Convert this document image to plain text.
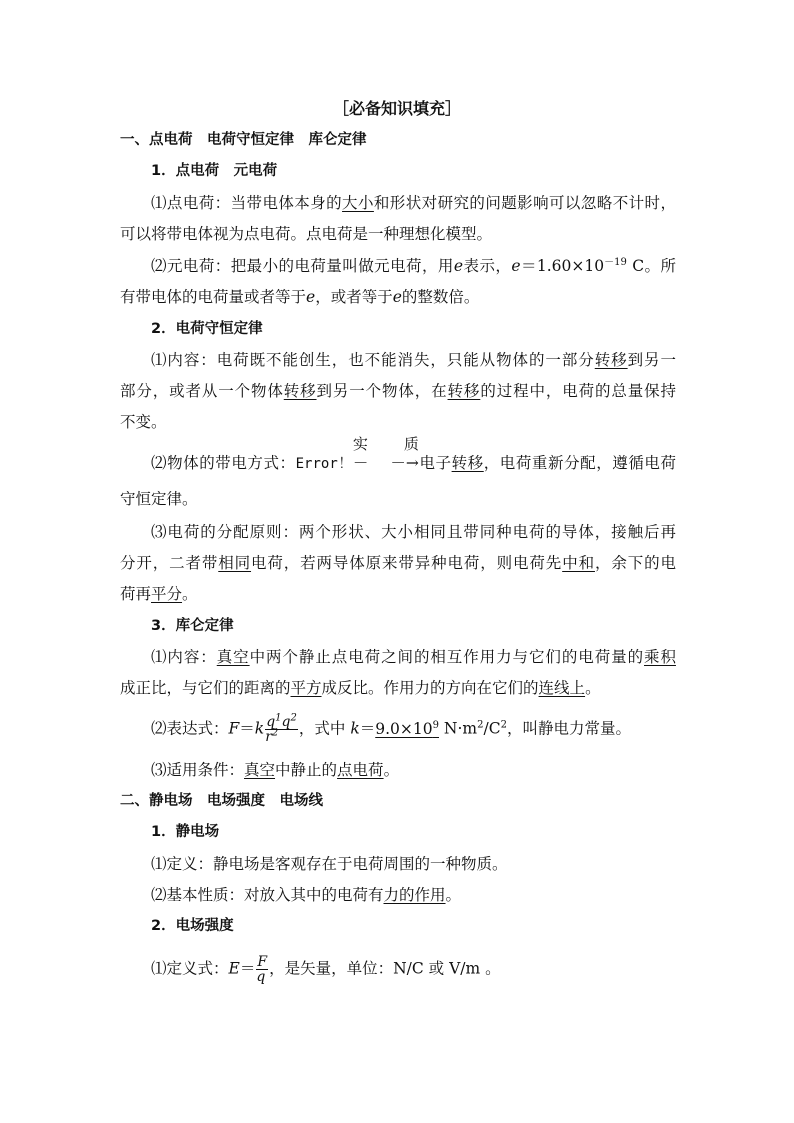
［必备知识填充］
一、点电荷　电荷守恒定律　库仑定律
1．点电荷　元电荷
⑴点电荷：当带电体本身的大小和形状对研究的问题影响可以忽略不计时，
可以将带电体视为点电荷。点电荷是一种理想化模型。
⑵元电荷：把最小的电荷量叫做元电荷，用e表示，$e=1.60\times 10^{-19}$ C。所
有带电体的电荷量或者等于e，或者等于e的整数倍。
2．电荷守恒定律
⑴内容：电荷既不能创生，也不能消失，只能从物体的一部分转移到另一
部分，或者从一个物体转移到另一个物体，在转移的过程中，电荷的总量保持
不变。
⑵物体的带电方式：Error！
实质
－ －→电子转移，电荷重新分配，遵循电荷
守恒定律。
⑶电荷的分配原则：两个形状、大小相同且带同种电荷的导体，接触后再
分开，二者带相同电荷，若两导体原来带异种电荷，则电荷先中和，余下的电
荷再平分。
3．库仑定律
⑴内容：真空中两个静止点电荷之间的相互作用力与它们的电荷量的乘积
成正比，与它们的距离的平方成反比。作用力的方向在它们的连线上。
⑵表达式：$F=k \frac{q^1q^2}{r^2}$ ，式中 $k=9.0\times 10^9$ $N\cdot m^2/C^2$，叫静电力常量。
⑶适用条件：真空中静止的点电荷。
二、静电场　电场强度　电场线
1．静电场
⑴定义：静电场是客观存在于电荷周围的一种物质。
⑵基本性质：对放入其中的电荷有力的作用。
2．电场强度
⑴定义式：$E= \frac{F}{q}$ ，是矢量，单位：N/C 或 V/m 。
